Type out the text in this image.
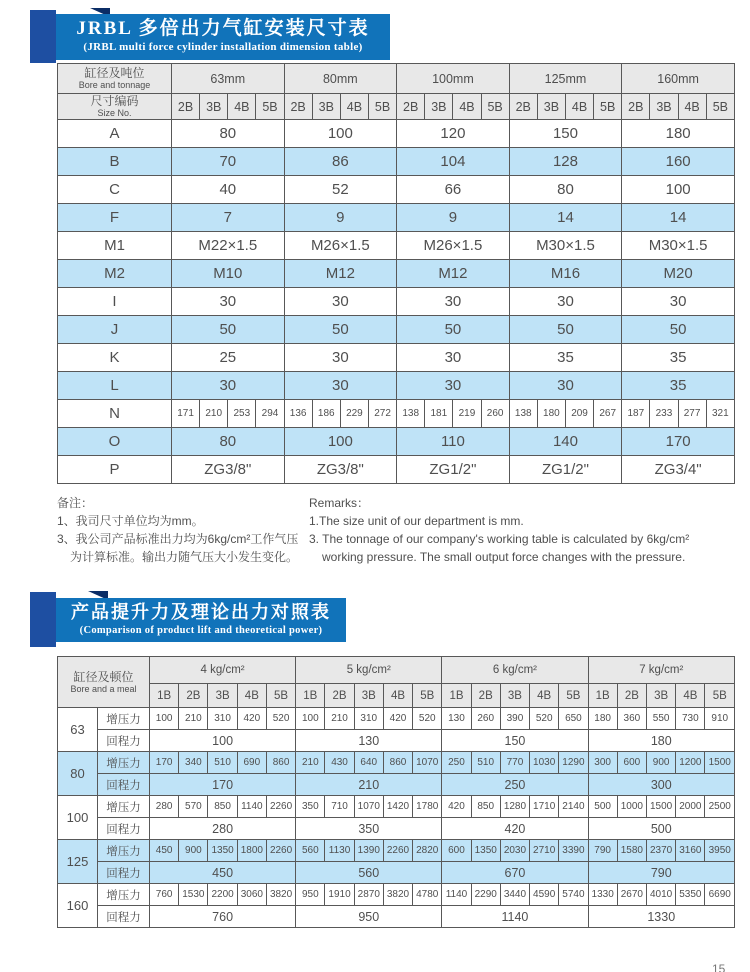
JRBL 多倍出力气缸安装尺寸表
(JRBL multi force cylinder installation dimension table)
缸径及吨位
Bore and tonnage	63mm				80mm				100mm				125mm				160mm			

尺寸编码
Size No.	2B	3B	4B	5B	2B	3B	4B	5B	2B	3B	4B	5B	2B	3B	4B	5B	2B	3B	4B	5B
A	80				100				120				150				180			
B	70				86				104				128				160			
C	40				52				66				80				100			
F	7				9				9				14				14			
M1	M22×1.5				M26×1.5				M26×1.5				M30×1.5				M30×1.5			
M2	M10				M12				M12				M16				M20			
I	30				30				30				30				30			
J	50				50				50				50				50			
K	25				30				30				35				35			
L	30				30				30				30				35			
N	171	210	253	294	136	186	229	272	138	181	219	260	138	180	209	267	187	233	277	321
O	80				100				110				140				170			
P	ZG3/8"				ZG3/8"				ZG1/2"				ZG1/2"				ZG3/4"			
备注：
1、我司尺寸单位均为mm。
3、我公司产品标准出力均为6kg/cm²工作气压
为计算标准。输出力随气压大小发生变化。
Remarks：
1.The size unit of our department is mm.
3. The tonnage of our company's working table is calculated by 6kg/cm²
working pressure. The small output force changes with the pressure.
产品提升力及理论出力对照表
(Comparison of product lift and theoretical power)
缸径及顿位
Bore and a meal		4 kg/cm²					5 kg/cm²					6 kg/cm²					7 kg/cm²				
		1B	2B	3B	4B	5B	1B	2B	3B	4B	5B	1B	2B	3B	4B	5B	1B	2B	3B	4B	5B
63	增压力	100	210	310	420	520	100	210	310	420	520	130	260	390	520	650	180	360	550	730	910
	回程力	100					130					150					180				
80	增压力	170	340	510	690	860	210	430	640	860	1070	250	510	770	1030	1290	300	600	900	1200	1500
	回程力	170					210					250					300				
100	增压力	280	570	850	1140	2260	350	710	1070	1420	1780	420	850	1280	1710	2140	500	1000	1500	2000	2500
	回程力	280					350					420					500				
125	增压力	450	900	1350	1800	2260	560	1130	1390	2260	2820	600	1350	2030	2710	3390	790	1580	2370	3160	3950
	回程力	450					560					670					790				
160	增压力	760	1530	2200	3060	3820	950	1910	2870	3820	4780	1140	2290	3440	4590	5740	1330	2670	4010	5350	6690
	回程力	760					950					1140					1330				
15
